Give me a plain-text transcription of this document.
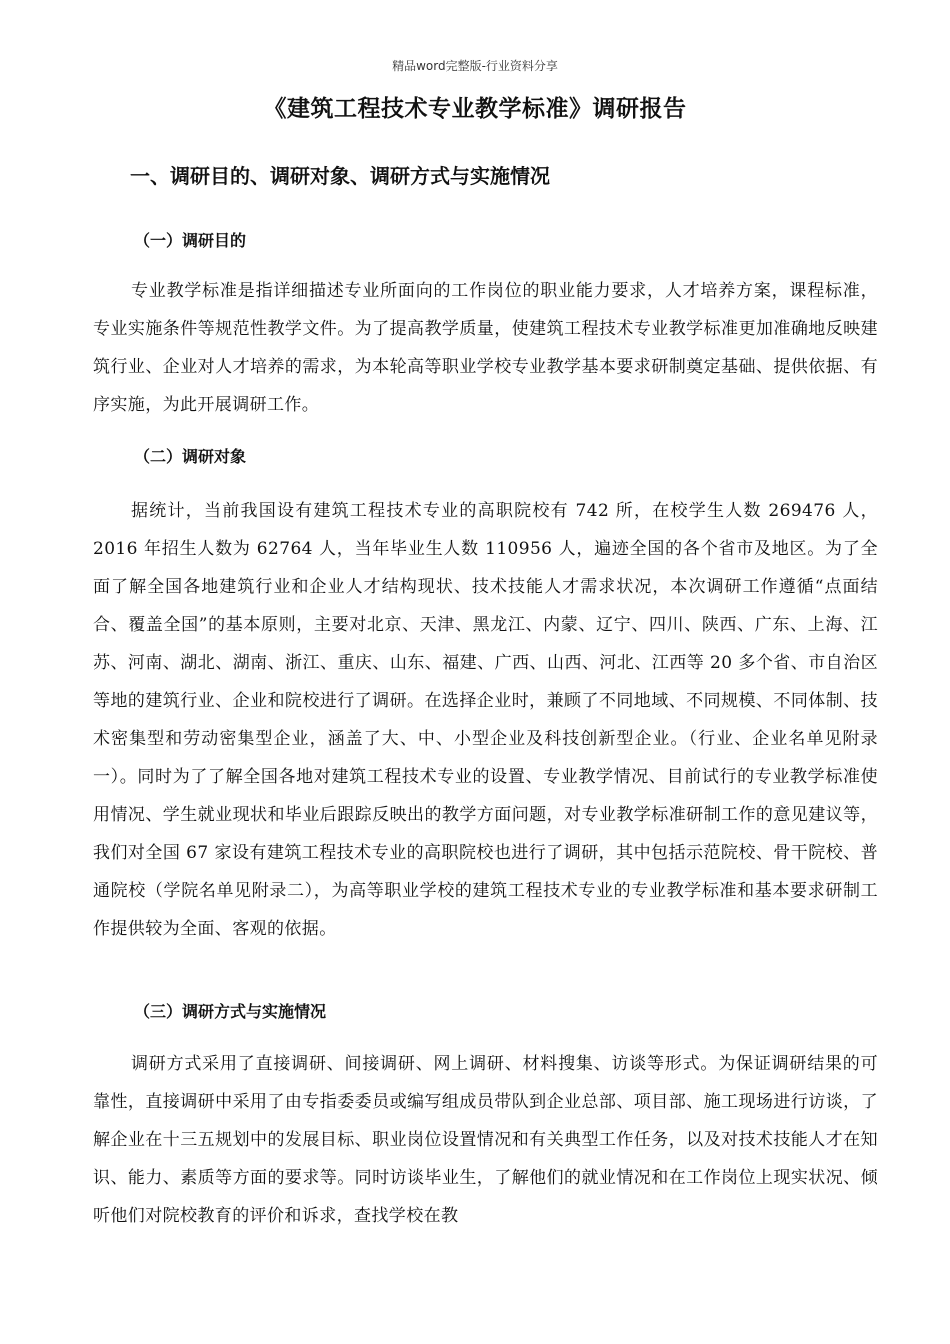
精品word完整版-行业资料分享
《建筑工程技术专业教学标准》调研报告
一、调研目的、调研对象、调研方式与实施情况
（一）调研目的

专业教学标准是指详细描述专业所面向的工作岗位的职业能力要求，人才培养方案，课程标准，专业实施条件等规范性教学文件。为了提高教学质量，使建筑工程技术专业教学标准更加准确地反映建筑行业、企业对人才培养的需求，为本轮高等职业学校专业教学基本要求研制奠定基础、提供依据、有序实施，为此开展调研工作。

（二）调研对象

据统计，当前我国设有建筑工程技术专业的高职院校有 742 所，在校学生人数 269476 人，2016 年招生人数为 62764 人，当年毕业生人数 110956 人，遍迹全国的各个省市及地区。为了全面了解全国各地建筑行业和企业人才结构现状、技术技能人才需求状况，本次调研工作遵循“点面结合、覆盖全国”的基本原则，主要对北京、天津、黑龙江、内蒙、辽宁、四川、陕西、广东、上海、江苏、河南、湖北、湖南、浙江、重庆、山东、福建、广西、山西、河北、江西等 20 多个省、市自治区等地的建筑行业、企业和院校进行了调研。在选择企业时，兼顾了不同地域、不同规模、不同体制、技术密集型和劳动密集型企业，涵盖了大、中、小型企业及科技创新型企业。（行业、企业名单见附录一）。同时为了了解全国各地对建筑工程技术专业的设置、专业教学情况、目前试行的专业教学标准使用情况、学生就业现状和毕业后跟踪反映出的教学方面问题，对专业教学标准研制工作的意见建议等，我们对全国 67 家设有建筑工程技术专业的高职院校也进行了调研，其中包括示范院校、骨干院校、普通院校（学院名单见附录二），为高等职业学校的建筑工程技术专业的专业教学标准和基本要求研制工作提供较为全面、客观的依据。

（三）调研方式与实施情况

调研方式采用了直接调研、间接调研、网上调研、材料搜集、访谈等形式。为保证调研结果的可靠性，直接调研中采用了由专指委委员或编写组成员带队到企业总部、项目部、施工现场进行访谈，了解企业在十三五规划中的发展目标、职业岗位设置情况和有关典型工作任务，以及对技术技能人才在知识、能力、素质等方面的要求等。同时访谈毕业生，了解他们的就业情况和在工作岗位上现实状况、倾听他们对院校教育的评价和诉求，查找学校在教
